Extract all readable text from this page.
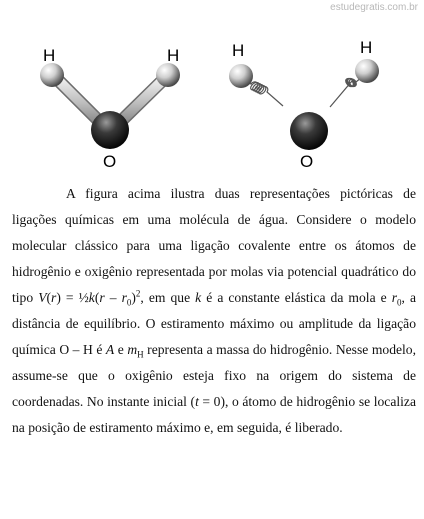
estudegratis.com.br
H	H
O
H	H
O

A figura acima ilustra duas representações pictóricas de ligações químicas em uma molécula de água. Considere o modelo molecular clássico para uma ligação covalente entre os átomos de hidrogênio e oxigênio representada por molas via potencial quadrático do tipo V(r) = ½k(r – $r_0)^2$, em que k é a constante elástica da mola e $r_0$, a distância de equilíbrio. O estiramento máximo ou amplitude da ligação química O – H é A e $m_H$ representa a massa do hidrogênio. Nesse modelo, assume-se que o oxigênio esteja fixo na origem do sistema de coordenadas. No instante inicial (t = 0), o átomo de hidrogênio se localiza na posição de estiramento máximo e, em seguida, é liberado.
